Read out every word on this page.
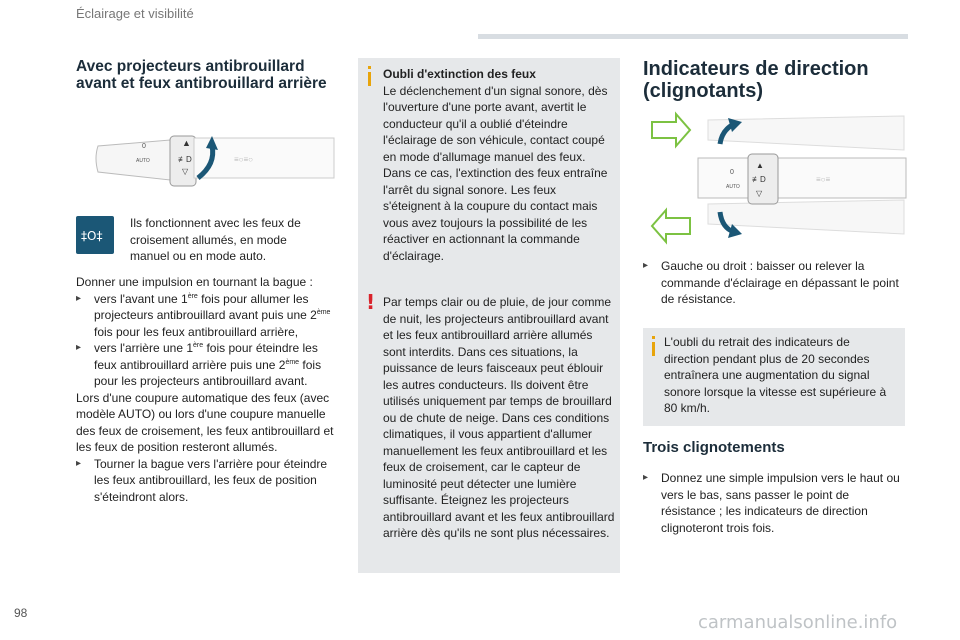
Éclairage et visibilité

Avec projecteurs antibrouillard avant et feux antibrouillard arrière

0
AUTO
▲
≢D
▽
≡○≡○
‡O‡
Ils fonctionnent avec les feux de croisement allumés, en mode manuel ou en mode auto.

Donner une impulsion en tournant la bague :

▸ vers l'avant une 1ère fois pour allumer les projecteurs antibrouillard avant puis une 2ème fois pour les feux antibrouillard arrière,
▸ vers l'arrière une 1ère fois pour éteindre les feux antibrouillard arrière puis une 2ème fois pour les projecteurs antibrouillard avant.

Lors d'une coupure automatique des feux (avec modèle AUTO) ou lors d'une coupure manuelle des feux de croisement, les feux antibrouillard et les feux de position resteront allumés.

▸ Tourner la bague vers l'arrière pour éteindre les feux antibrouillard, les feux de position s'éteindront alors.

Oubli d'extinction des feux

Le déclenchement d'un signal sonore, dès l'ouverture d'une porte avant, avertit le conducteur qu'il a oublié d'éteindre l'éclairage de son véhicule, contact coupé en mode d'allumage manuel des feux. Dans ce cas, l'extinction des feux entraîne l'arrêt du signal sonore. Les feux s'éteignent à la coupure du contact mais vous avez toujours la possibilité de les réactiver en actionnant la commande d'éclairage.

! Par temps clair ou de pluie, de jour comme de nuit, les projecteurs antibrouillard avant et les feux antibrouillard arrière allumés sont interdits. Dans ces situations, la puissance de leurs faisceaux peut éblouir les autres conducteurs. Ils doivent être utilisés uniquement par temps de brouillard ou de chute de neige. Dans ces conditions climatiques, il vous appartient d'allumer manuellement les feux antibrouillard et les feux de croisement, car le capteur de luminosité peut détecter une lumière suffisante. Éteignez les projecteurs antibrouillard avant et les feux antibrouillard arrière dès qu'ils ne sont plus nécessaires.

Indicateurs de direction (clignotants)

0
AUTO
▲
≢D
▽
≡○≡
▸ Gauche ou droit : baisser ou relever la commande d'éclairage en dépassant le point de résistance.
L'oubli du retrait des indicateurs de direction pendant plus de 20 secondes entraînera une augmentation du signal sonore lorsque la vitesse est supérieure à 80 km/h.

Trois clignotements

▸ Donnez une simple impulsion vers le haut ou vers le bas, sans passer le point de résistance ; les indicateurs de direction clignoteront trois fois.
98	carmanualsonline.info
